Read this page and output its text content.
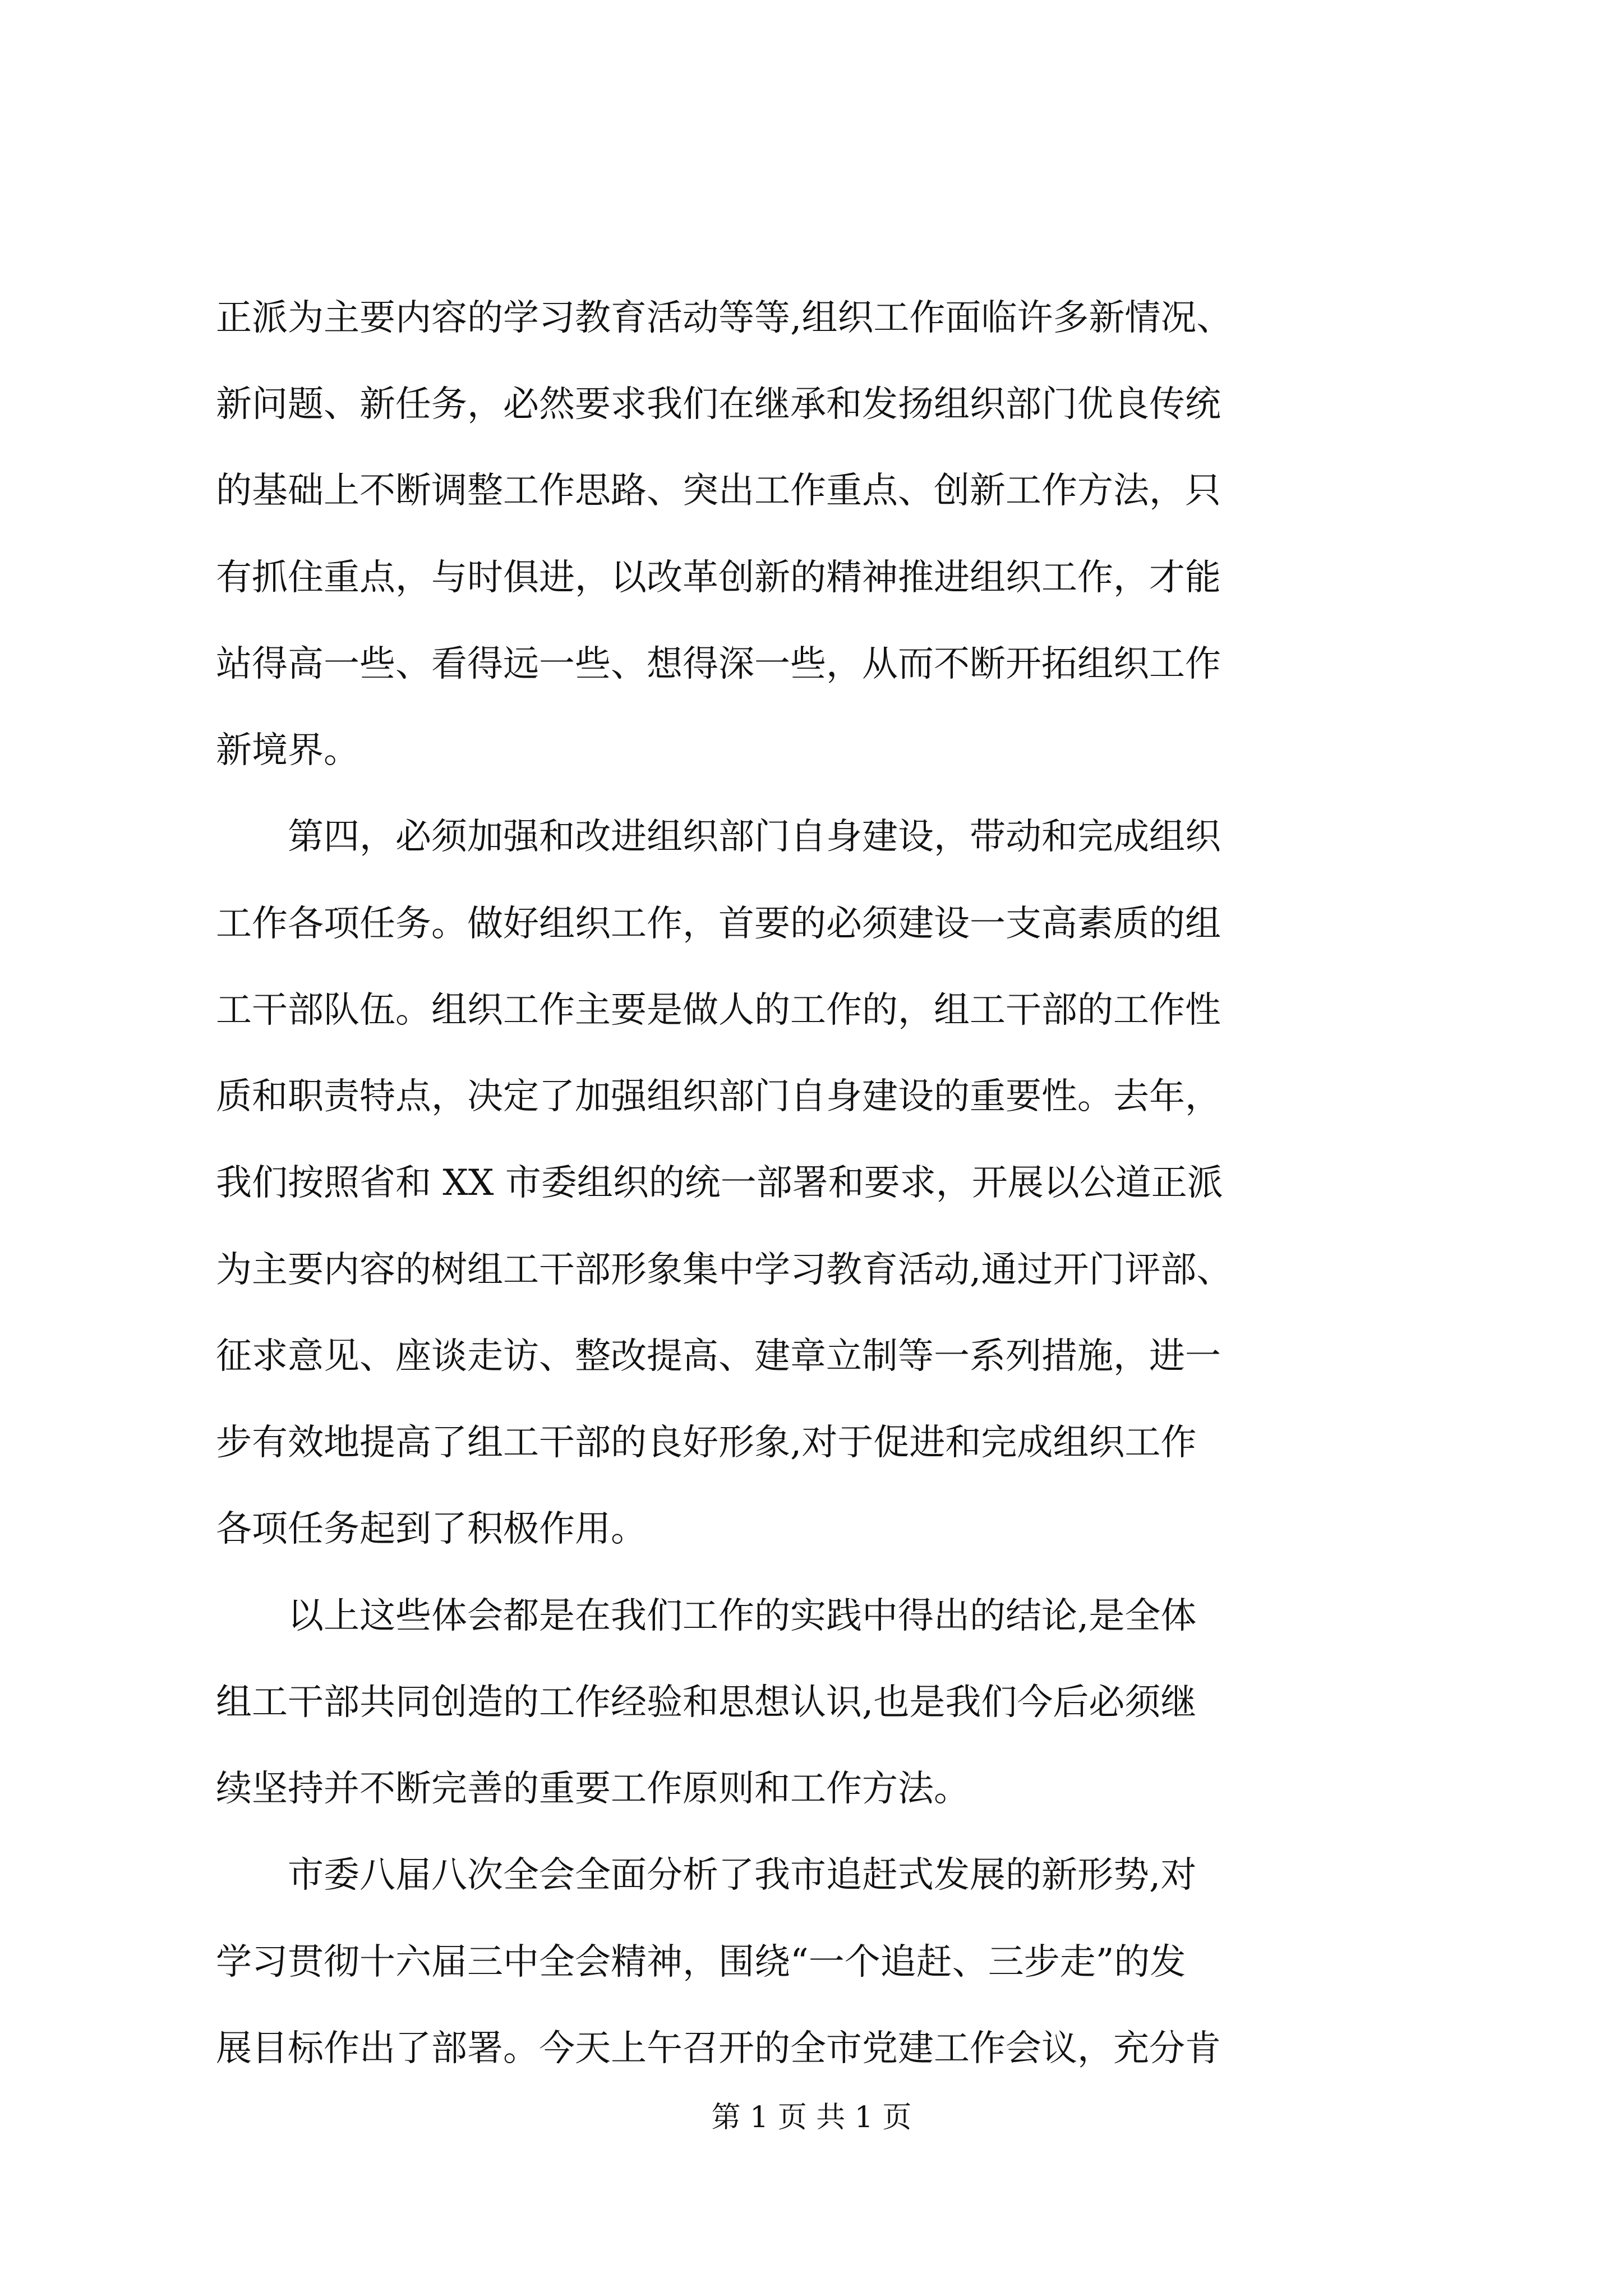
正派为主要内容的学习教育活动等等,组织工作面临许多新情况、
新问题、新任务，必然要求我们在继承和发扬组织部门优良传统
的基础上不断调整工作思路、突出工作重点、创新工作方法，只
有抓住重点，与时俱进，以改革创新的精神推进组织工作，才能
站得高一些、看得远一些、想得深一些，从而不断开拓组织工作
新境界。
　　第四，必须加强和改进组织部门自身建设，带动和完成组织
工作各项任务。做好组织工作，首要的必须建设一支高素质的组
工干部队伍。组织工作主要是做人的工作的，组工干部的工作性
质和职责特点，决定了加强组织部门自身建设的重要性。去年，
我们按照省和 XX 市委组织的统一部署和要求，开展以公道正派
为主要内容的树组工干部形象集中学习教育活动,通过开门评部、
征求意见、座谈走访、整改提高、建章立制等一系列措施，进一
步有效地提高了组工干部的良好形象,对于促进和完成组织工作
各项任务起到了积极作用。
　　以上这些体会都是在我们工作的实践中得出的结论,是全体
组工干部共同创造的工作经验和思想认识,也是我们今后必须继
续坚持并不断完善的重要工作原则和工作方法。
　　市委八届八次全会全面分析了我市追赶式发展的新形势,对
学习贯彻十六届三中全会精神，围绕“一个追赶、三步走”的发
展目标作出了部署。今天上午召开的全市党建工作会议，充分肯
第 1 页 共 1 页
